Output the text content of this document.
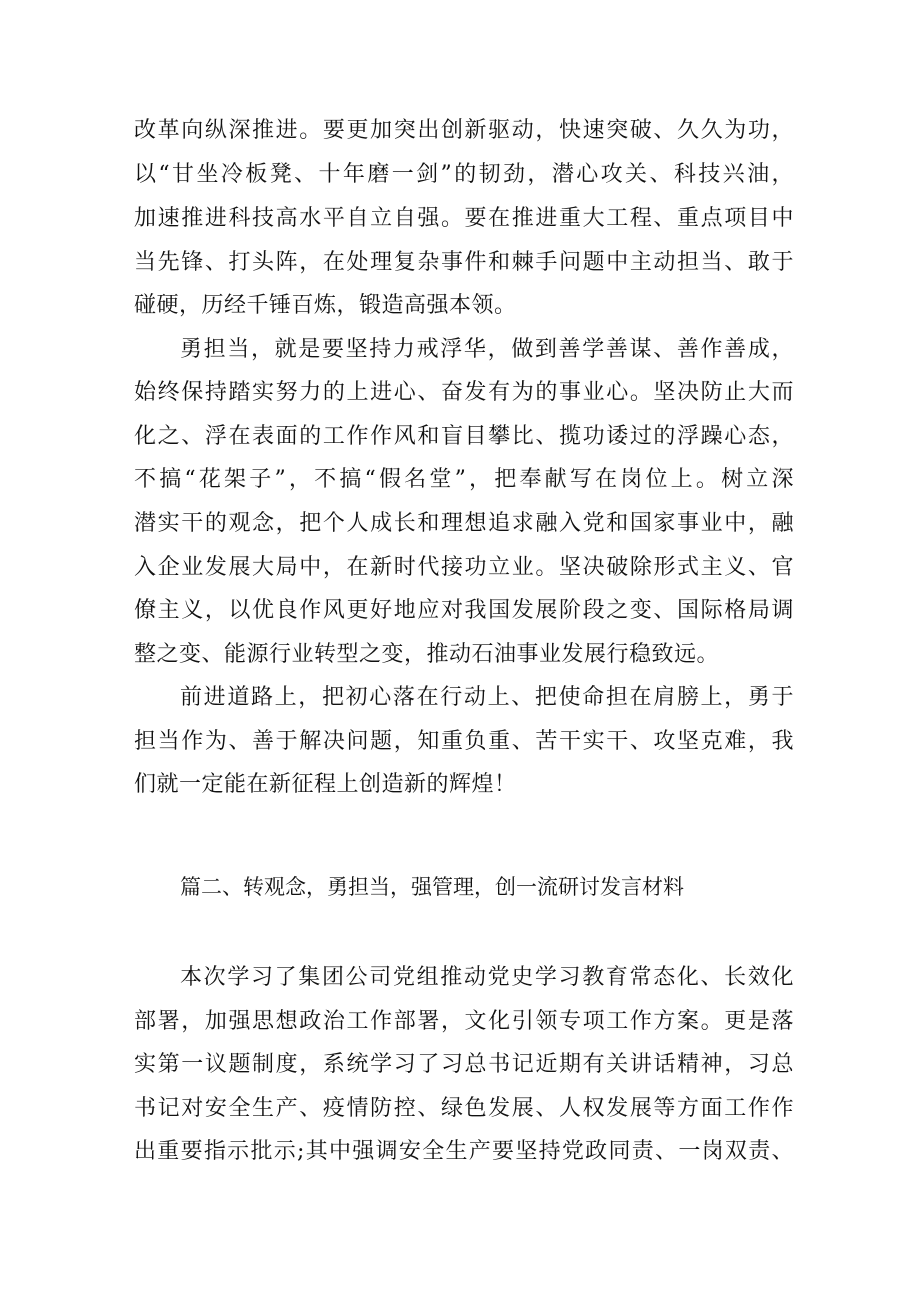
改革向纵深推进。要更加突出创新驱动，快速突破、久久为功，
以“甘坐冷板凳、十年磨一剑”的韧劲，潜心攻关、科技兴油，
加速推进科技高水平自立自强。要在推进重大工程、重点项目中
当先锋、打头阵，在处理复杂事件和棘手问题中主动担当、敢于
碰硬，历经千锤百炼，锻造高强本领。
勇担当，就是要坚持力戒浮华，做到善学善谋、善作善成，
始终保持踏实努力的上进心、奋发有为的事业心。坚决防止大而
化之、浮在表面的工作作风和盲目攀比、揽功诿过的浮躁心态，
不搞“花架子”，不搞“假名堂”，把奉献写在岗位上。树立深
潜实干的观念，把个人成长和理想追求融入党和国家事业中，融
入企业发展大局中，在新时代接功立业。坚决破除形式主义、官
僚主义，以优良作风更好地应对我国发展阶段之变、国际格局调
整之变、能源行业转型之变，推动石油事业发展行稳致远。
前进道路上，把初心落在行动上、把使命担在肩膀上，勇于
担当作为、善于解决问题，知重负重、苦干实干、攻坚克难，我
们就一定能在新征程上创造新的辉煌！
篇二、转观念，勇担当，强管理，创一流研讨发言材料
本次学习了集团公司党组推动党史学习教育常态化、长效化
部署，加强思想政治工作部署，文化引领专项工作方案。更是落
实第一议题制度，系统学习了习总书记近期有关讲话精神，习总
书记对安全生产、疫情防控、绿色发展、人权发展等方面工作作
出重要指示批示;其中强调安全生产要坚持党政同责、一岗双责、
